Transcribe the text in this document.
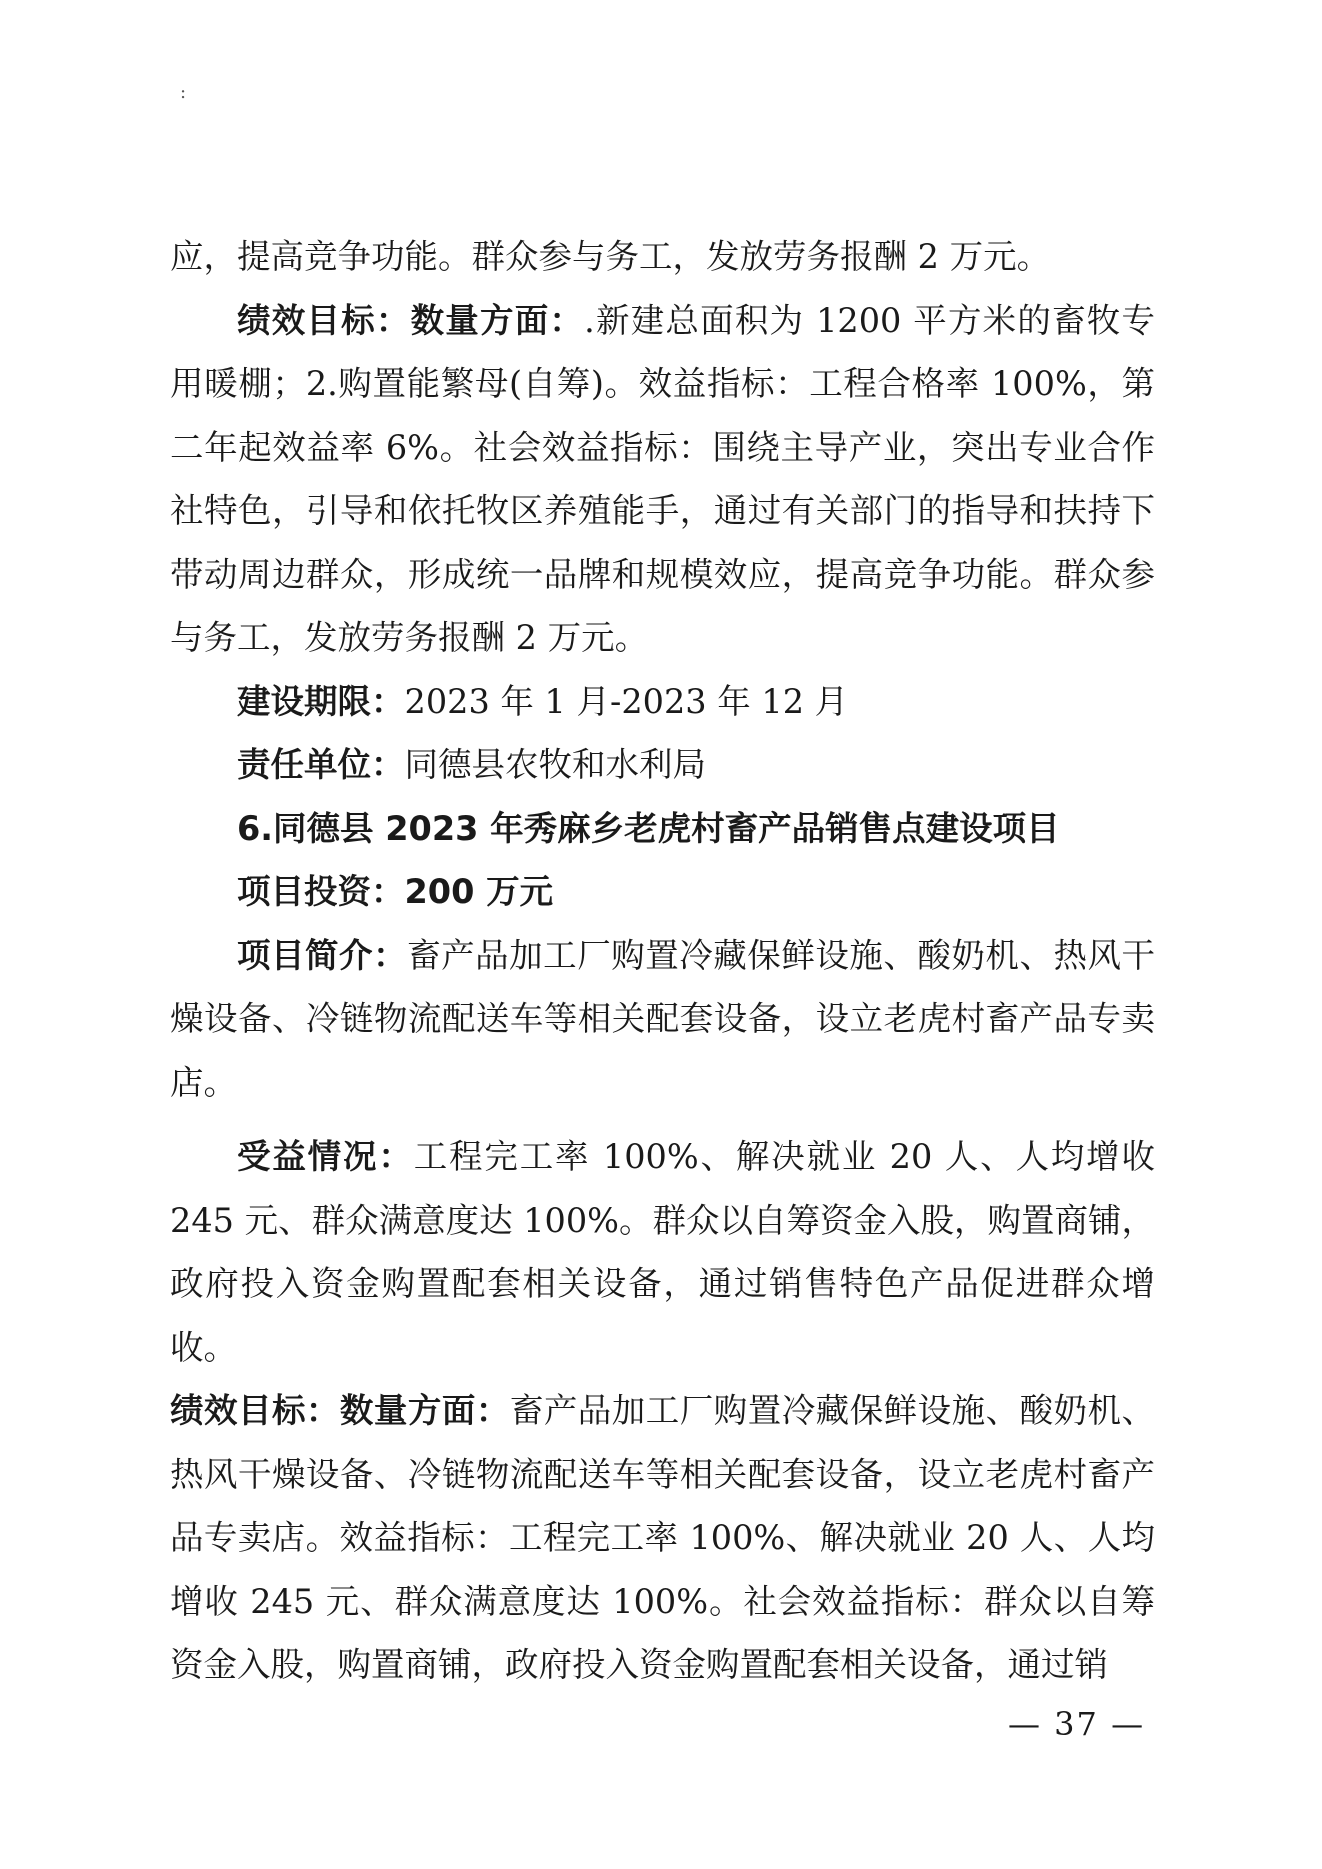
:

应，提高竞争功能。群众参与务工，发放劳务报酬 2 万元。

绩效目标：数量方面：.新建总面积为 1200 平方米的畜牧专用暖棚；2.购置能繁母(自筹)。效益指标：工程合格率 100%，第二年起效益率 6%。社会效益指标：围绕主导产业，突出专业合作社特色，引导和依托牧区养殖能手，通过有关部门的指导和扶持下带动周边群众，形成统一品牌和规模效应，提高竞争功能。群众参与务工，发放劳务报酬 2 万元。

建设期限：2023 年 1 月-2023 年 12 月

责任单位：同德县农牧和水利局

6.同德县 2023 年秀麻乡老虎村畜产品销售点建设项目

项目投资：200 万元

项目简介：畜产品加工厂购置冷藏保鲜设施、酸奶机、热风干燥设备、冷链物流配送车等相关配套设备，设立老虎村畜产品专卖店。

受益情况：工程完工率 100%、解决就业 20 人、人均增收 245 元、群众满意度达 100%。群众以自筹资金入股，购置商铺，政府投入资金购置配套相关设备，通过销售特色产品促进群众增收。

绩效目标：数量方面：畜产品加工厂购置冷藏保鲜设施、酸奶机、热风干燥设备、冷链物流配送车等相关配套设备，设立老虎村畜产品专卖店。效益指标：工程完工率 100%、解决就业 20 人、人均增收 245 元、群众满意度达 100%。社会效益指标：群众以自筹资金入股，购置商铺，政府投入资金购置配套相关设备，通过销

— 37 —
